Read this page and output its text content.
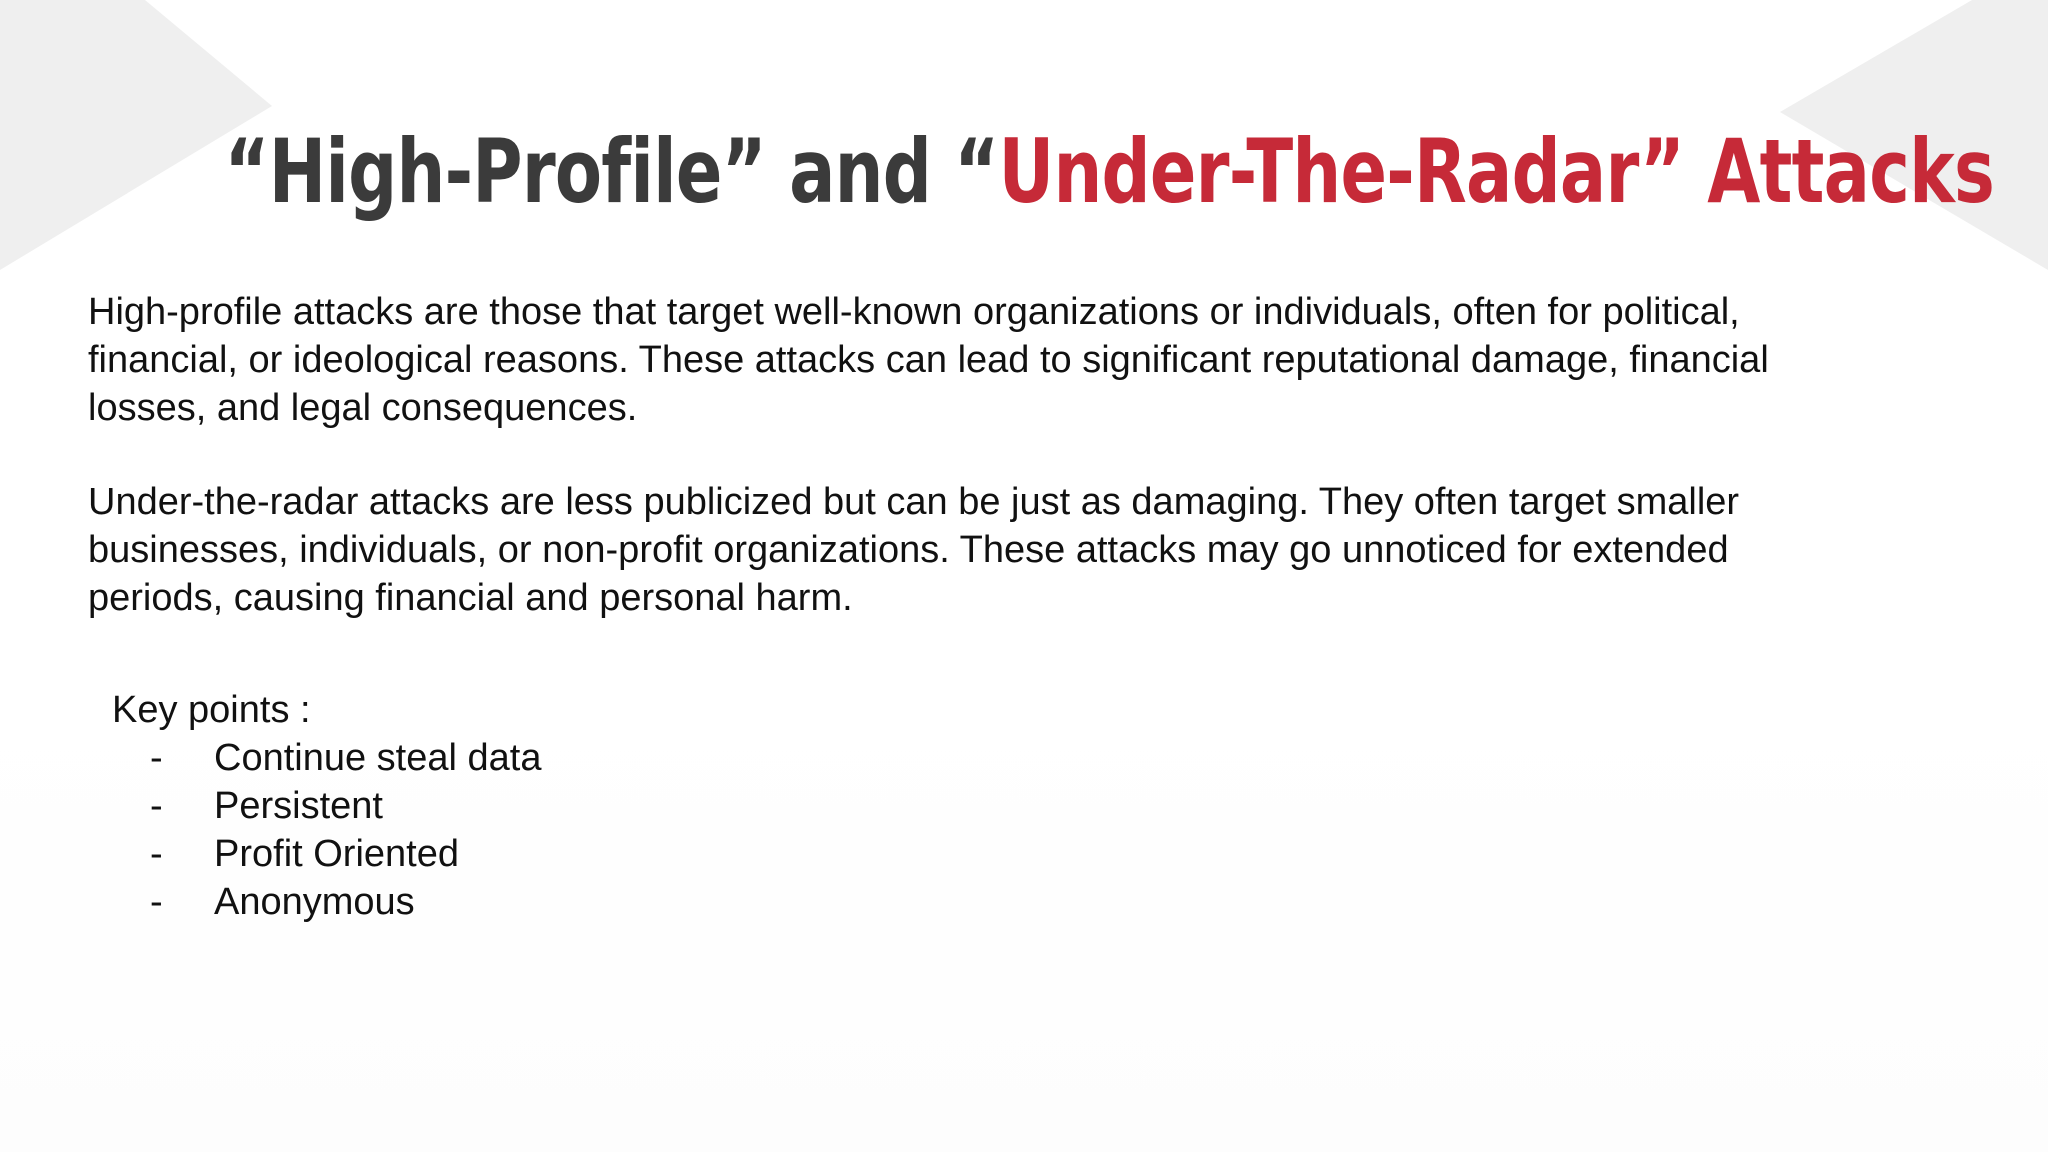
“High-Profile” and “Under-The-Radar” Attacks

High-profile attacks are those that target well-known organizations or individuals, often for political, financial, or ideological reasons. These attacks can lead to significant reputational damage, financial losses, and legal consequences.

Under-the-radar attacks are less publicized but can be just as damaging. They often target smaller businesses, individuals, or non-profit organizations. These attacks may go unnoticed for extended periods, causing financial and personal harm.

Key points :
-	Continue steal data
-	Persistent
-	Profit Oriented
-	Anonymous
